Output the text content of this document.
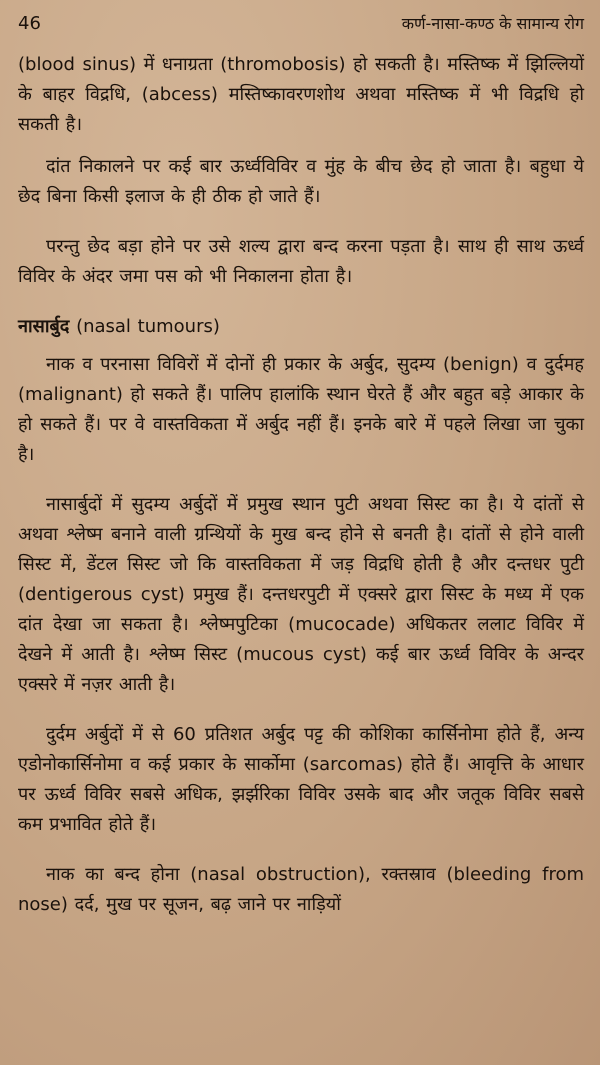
46	कर्ण-नासा-कण्ठ के सामान्य रोग

(blood sinus) में धनाग्रता (thromobosis) हो सकती है। मस्तिष्क में झिल्लियों के बाहर विद्रधि, (abcess) मस्तिष्कावरणशोथ अथवा मस्तिष्क में भी विद्रधि हो सकती है।

दांत निकालने पर कई बार ऊर्ध्वविविर व मुंह के बीच छेद हो जाता है। बहुधा ये छेद बिना किसी इलाज के ही ठीक हो जाते हैं।

परन्तु छेद बड़ा होने पर उसे शल्य द्वारा बन्द करना पड़ता है। साथ ही साथ ऊर्ध्व विविर के अंदर जमा पस को भी निकालना होता है।

नासार्बुद (nasal tumours)

नाक व परनासा विविरों में दोनों ही प्रकार के अर्बुद, सुदम्य (benign) व दुर्दमह (malignant) हो सकते हैं। पालिप हालांकि स्थान घेरते हैं और बहुत बड़े आकार के हो सकते हैं। पर वे वास्तविकता में अर्बुद नहीं हैं। इनके बारे में पहले लिखा जा चुका है।

नासार्बुदों में सुदम्य अर्बुदों में प्रमुख स्थान पुटी अथवा सिस्ट का है। ये दांतों से अथवा श्लेष्म बनाने वाली ग्रन्थियों के मुख बन्द होने से बनती है। दांतों से होने वाली सिस्ट में, डेंटल सिस्ट जो कि वास्तविकता में जड़ विद्रधि होती है और दन्तधर पुटी (dentigerous cyst) प्रमुख हैं। दन्तधरपुटी में एक्सरे द्वारा सिस्ट के मध्य में एक दांत देखा जा सकता है। श्लेष्मपुटिका (mucocade) अधिकतर ललाट विविर में देखने में आती है। श्लेष्म सिस्ट (mucous cyst) कई बार ऊर्ध्व विविर के अन्दर एक्सरे में नज़र आती है।

दुर्दम अर्बुदों में से 60 प्रतिशत अर्बुद पट्ट की कोशिका कार्सिनोमा होते हैं, अन्य एडोनोकार्सिनोमा व कई प्रकार के सार्कोमा (sarcomas) होते हैं। आवृत्ति के आधार पर ऊर्ध्व विविर सबसे अधिक, झर्झरिका विविर उसके बाद और जतूक विविर सबसे कम प्रभावित होते हैं।

नाक का बन्द होना (nasal obstruction), रक्तस्राव (bleeding from nose) दर्द, मुख पर सूजन, बढ़ जाने पर नाड़ियों
